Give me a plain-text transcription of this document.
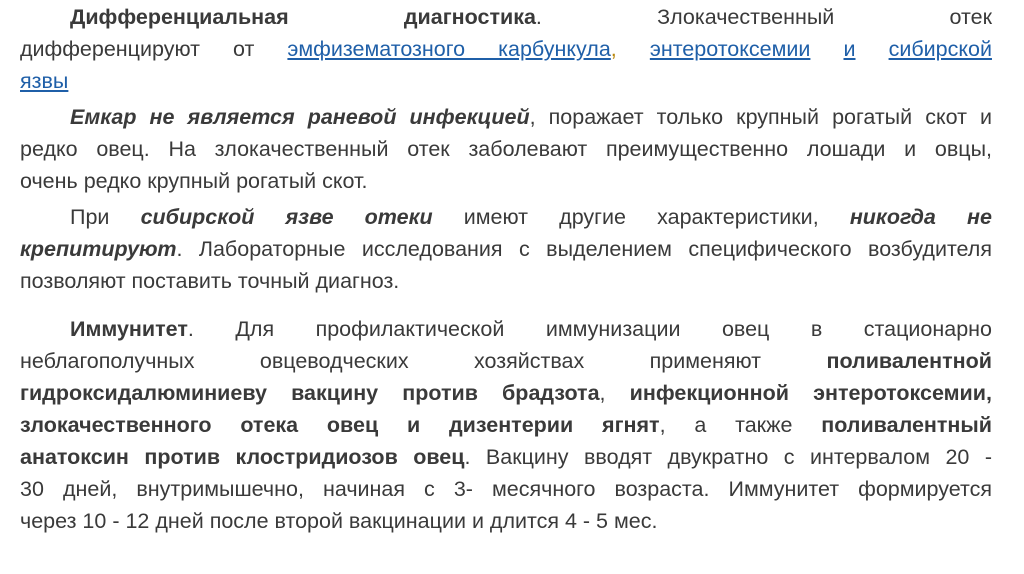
Дифференциальная диагностика.	Злокачественный отек
дифференцируют от эмфизематозного карбункула, энтеротоксемии и сибирской
язвы
Емкар не является раневой инфекцией, поражает только крупный рогатый скот и
редко овец. На злокачественный отек заболевают преимущественно лошади и овцы,
очень редко крупный рогатый скот.
При сибирской язве отеки имеют другие характеристики, никогда не
крепитируют. Лабораторные исследования с выделением специфического возбудителя
позволяют поставить точный диагноз.
Иммунитет. Для профилактической иммунизации овец в стационарно
неблагополучных овцеводческих хозяйствах применяют	поливалентной
гидроксидалюминиеву вакцину против брадзота, инфекционной энтеротоксемии,
злокачественного отека овец и дизентерии ягнят, а также поливалентный
анатоксин против клостридиозов овец. Вакцину вводят двукратно с интервалом 20 -
30 дней, внутримышечно, начиная с 3- месячного возраста. Иммунитет формируется
через 10 - 12 дней после второй вакцинации и длится 4 - 5 мес.
